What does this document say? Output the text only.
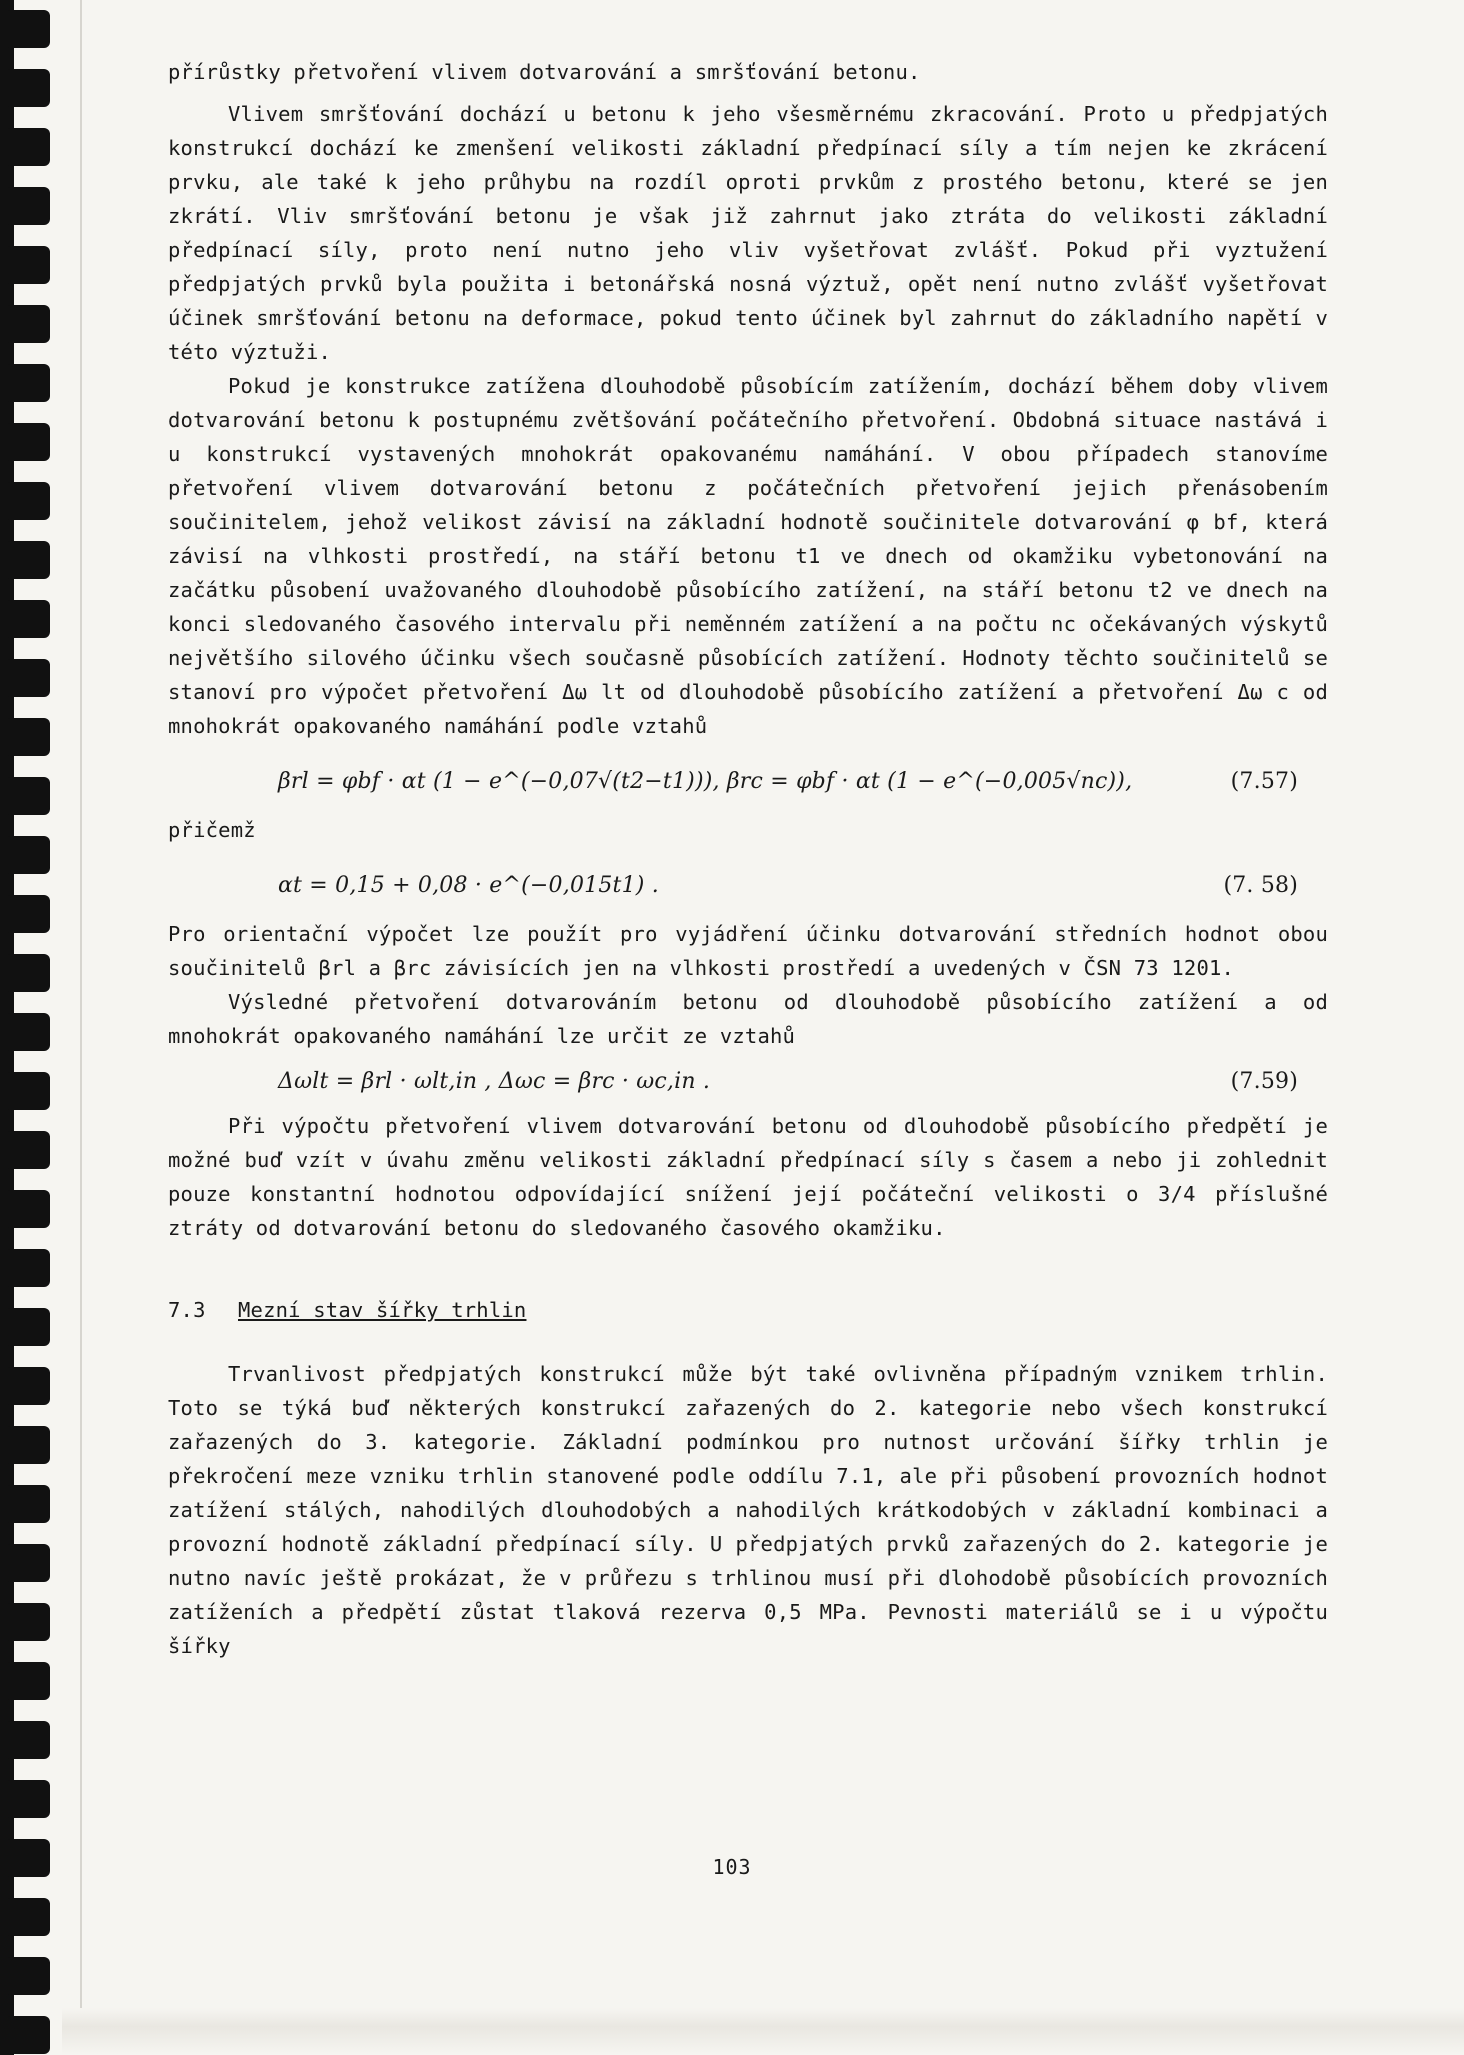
přírůstky přetvoření vlivem dotvarování a smršťování betonu.

Vlivem smršťování dochází u betonu k jeho všesměrnému zkracování. Proto u předpjatých konstrukcí dochází ke zmenšení velikosti základní předpínací síly a tím nejen ke zkrácení prvku, ale také k jeho průhybu na rozdíl oproti prvkům z prostého betonu, které se jen zkrátí. Vliv smršťování betonu je však již zahrnut jako ztráta do velikosti základní předpínací síly, proto není nutno jeho vliv vyšetřovat zvlášť. Pokud při vyztužení předpjatých prvků byla použita i betonářská nosná výztuž, opět není nutno zvlášť vyšetřovat účinek smršťování betonu na deformace, pokud tento účinek byl zahrnut do základního napětí v této výztuži.

Pokud je konstrukce zatížena dlouhodobě působícím zatížením, dochází během doby vlivem dotvarování betonu k postupnému zvětšování počátečního přetvoření. Obdobná situace nastává i u konstrukcí vystavených mnohokrát opakovanému namáhání. V obou případech stanovíme přetvoření vlivem dotvarování betonu z počátečních přetvoření jejich přenásobením součinitelem, jehož velikost závisí na základní hodnotě součinitele dotvarování φ bf, která závisí na vlhkosti prostředí, na stáří betonu t1 ve dnech od okamžiku vybetonování na začátku působení uvažovaného dlouhodobě působícího zatížení, na stáří betonu t2 ve dnech na konci sledovaného časového intervalu při neměnném zatížení a na počtu nc očekávaných výskytů největšího silového účinku všech současně působících zatížení. Hodnoty těchto součinitelů se stanoví pro výpočet přetvoření Δω lt od dlouhodobě působícího zatížení a přetvoření Δω c od mnohokrát opakovaného namáhání podle vztahů

βrl = φbf · αt (1 − e^(−0,07√(t2−t1))), βrc = φbf · αt (1 − e^(−0,005√nc)),	(7.57)

přičemž

αt = 0,15 + 0,08 · e^(−0,015t1) .	(7. 58)

Pro orientační výpočet lze použít pro vyjádření účinku dotvarování středních hodnot obou součinitelů βrl a βrc závisících jen na vlhkosti prostředí a uvedených v ČSN 73 1201.

Výsledné přetvoření dotvarováním betonu od dlouhodobě působícího zatížení a od mnohokrát opakovaného namáhání lze určit ze vztahů

Δωlt = βrl · ωlt,in , Δωc = βrc · ωc,in .	(7.59)

Při výpočtu přetvoření vlivem dotvarování betonu od dlouhodobě působícího předpětí je možné buď vzít v úvahu změnu velikosti základní předpínací síly s časem a nebo ji zohlednit pouze konstantní hodnotou odpovídající snížení její počáteční velikosti o 3/4 příslušné ztráty od dotvarování betonu do sledovaného časového okamžiku.

7.3 Mezní stav šířky trhlin

Trvanlivost předpjatých konstrukcí může být také ovlivněna případným vznikem trhlin. Toto se týká buď některých konstrukcí zařazených do 2. kategorie nebo všech konstrukcí zařazených do 3. kategorie. Základní podmínkou pro nutnost určování šířky trhlin je překročení meze vzniku trhlin stanovené podle oddílu 7.1, ale při působení provozních hodnot zatížení stálých, nahodilých dlouhodobých a nahodilých krátkodobých v základní kombinaci a provozní hodnotě základní předpínací síly. U předpjatých prvků zařazených do 2. kategorie je nutno navíc ještě prokázat, že v průřezu s trhlinou musí při dlohodobě působících provozních zatíženích a předpětí zůstat tlaková rezerva 0,5 MPa. Pevnosti materiálů se i u výpočtu šířky

103
